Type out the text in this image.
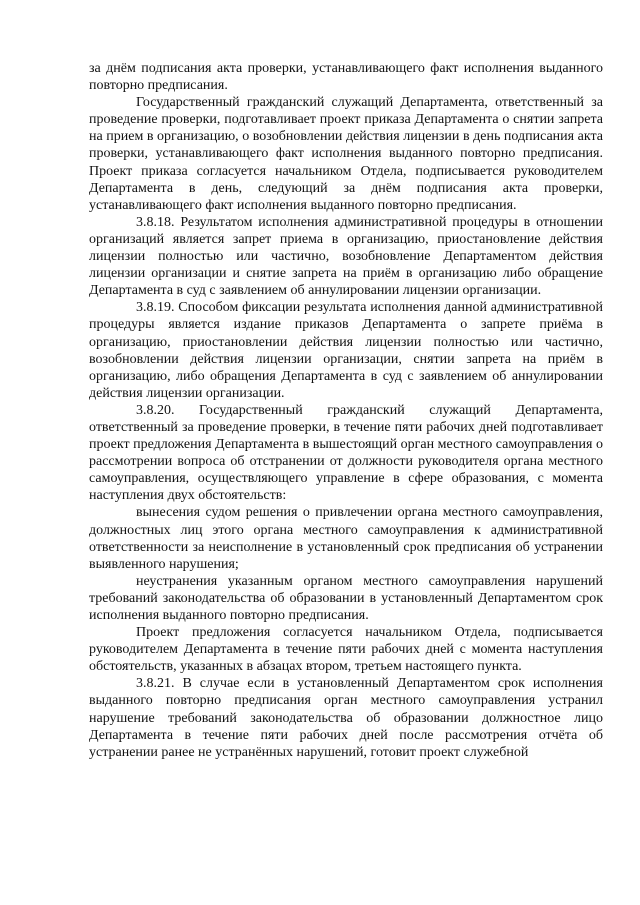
за днём подписания акта проверки, устанавливающего факт исполнения выданного повторно предписания.

Государственный гражданский служащий Департамента, ответственный за проведение проверки, подготавливает проект приказа Департамента о снятии запрета на прием в организацию, о возобновлении действия лицензии в день подписания акта проверки, устанавливающего факт исполнения выданного повторно предписания. Проект приказа согласуется начальником Отдела, подписывается руководителем Департамента в день, следующий за днём подписания акта проверки, устанавливающего факт исполнения выданного повторно предписания.

3.8.18. Результатом исполнения административной процедуры в отношении организаций является запрет приема в организацию, приостановление действия лицензии полностью или частично, возобновление Департаментом действия лицензии организации и снятие запрета на приём в организацию либо обращение Департамента в суд с заявлением об аннулировании лицензии организации.

3.8.19. Способом фиксации результата исполнения данной административной процедуры является издание приказов Департамента о запрете приёма в организацию, приостановлении действия лицензии полностью или частично, возобновлении действия лицензии организации, снятии запрета на приём в организацию, либо обращения Департамента в суд с заявлением об аннулировании действия лицензии организации.

3.8.20. Государственный гражданский служащий Департамента, ответственный за проведение проверки, в течение пяти рабочих дней подготавливает проект предложения Департамента в вышестоящий орган местного самоуправления о рассмотрении вопроса об отстранении от должности руководителя органа местного самоуправления, осуществляющего управление в сфере образования, с момента наступления двух обстоятельств:

вынесения судом решения о привлечении органа местного самоуправления, должностных лиц этого органа местного самоуправления к административной ответственности за неисполнение в установленный срок предписания об устранении выявленного нарушения;

неустранения указанным органом местного самоуправления нарушений требований законодательства об образовании в установленный Департаментом срок исполнения выданного повторно предписания.

Проект предложения согласуется начальником Отдела, подписывается руководителем Департамента в течение пяти рабочих дней с момента наступления обстоятельств, указанных в абзацах втором, третьем настоящего пункта.

3.8.21. В случае если в установленный Департаментом срок исполнения выданного повторно предписания орган местного самоуправления устранил нарушение требований законодательства об образовании должностное лицо Департамента в течение пяти рабочих дней после рассмотрения отчёта об устранении ранее не устранённых нарушений, готовит проект служебной
